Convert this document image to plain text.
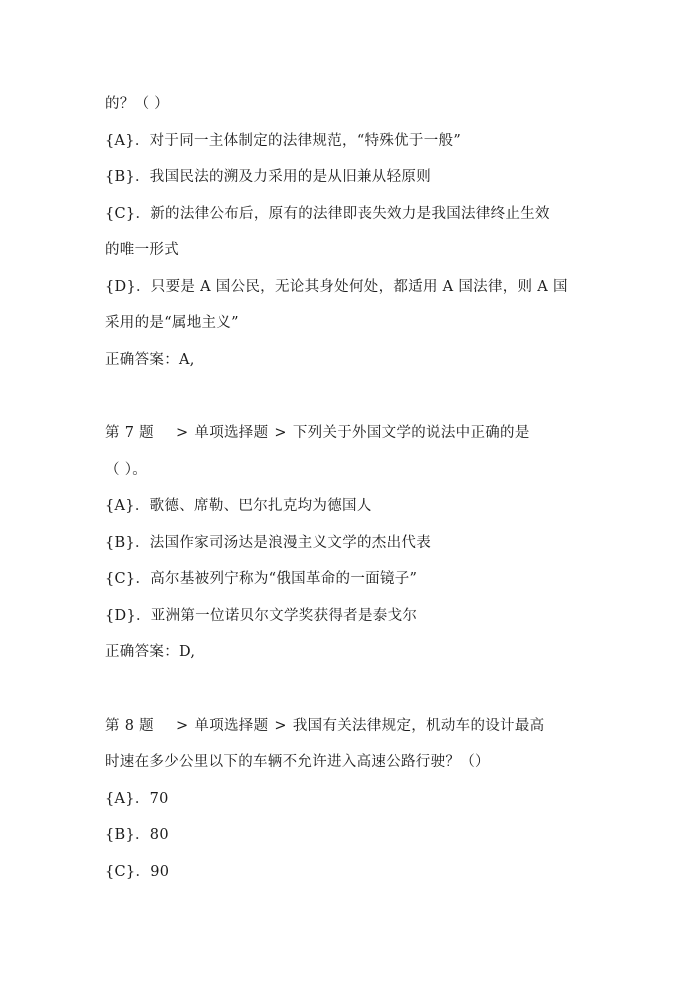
的？（ ）
{A}．对于同一主体制定的法律规范，“特殊优于一般”
{B}．我国民法的溯及力采用的是从旧兼从轻原则
{C}．新的法律公布后，原有的法律即丧失效力是我国法律终止生效
的唯一形式
{D}．只要是 A 国公民，无论其身处何处，都适用 A 国法律，则 A 国
采用的是“属地主义”
正确答案：A,
第 7 题 > 单项选择题 > 下列关于外国文学的说法中正确的是
（ ）。
{A}．歌德、席勒、巴尔扎克均为德国人
{B}．法国作家司汤达是浪漫主义文学的杰出代表
{C}．高尔基被列宁称为“俄国革命的一面镜子”
{D}．亚洲第一位诺贝尔文学奖获得者是泰戈尔
正确答案：D,
第 8 题 > 单项选择题 > 我国有关法律规定，机动车的设计最高
时速在多少公里以下的车辆不允许进入高速公路行驶？（）
{A}．70
{B}．80
{C}．90
